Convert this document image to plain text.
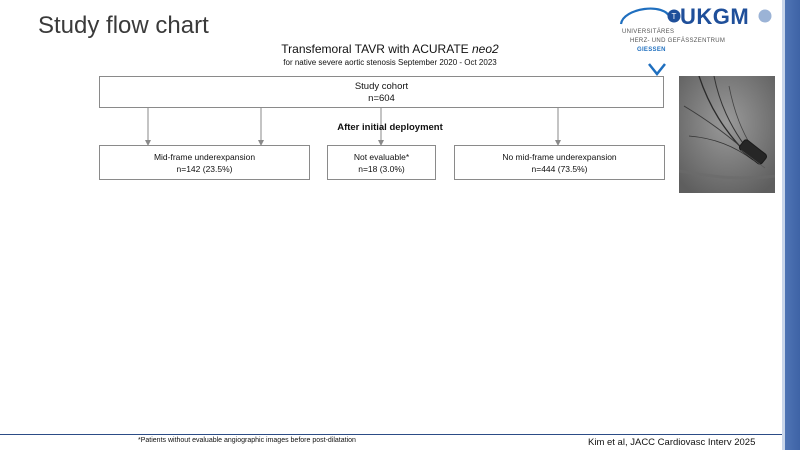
Study flow chart	T UKGM
UNIVERSITÄRES
HERZ- UND GEFÄSSZENTRUM
GIESSEN
Transfemoral TAVR with ACURATE neo2
for native severe aortic stenosis September 2020 - Oct 2023
Study cohort
n=604
After initial deployment
Mid-frame underexpansion
n=142 (23.5%)
Not evaluable*
n=18 (3.0%)
No mid-frame underexpansion
n=444 (73.5%)
*Patients without evaluable angiographic images before post-dilatation	Kim et al, JACC Cardiovasc Interv 2025
